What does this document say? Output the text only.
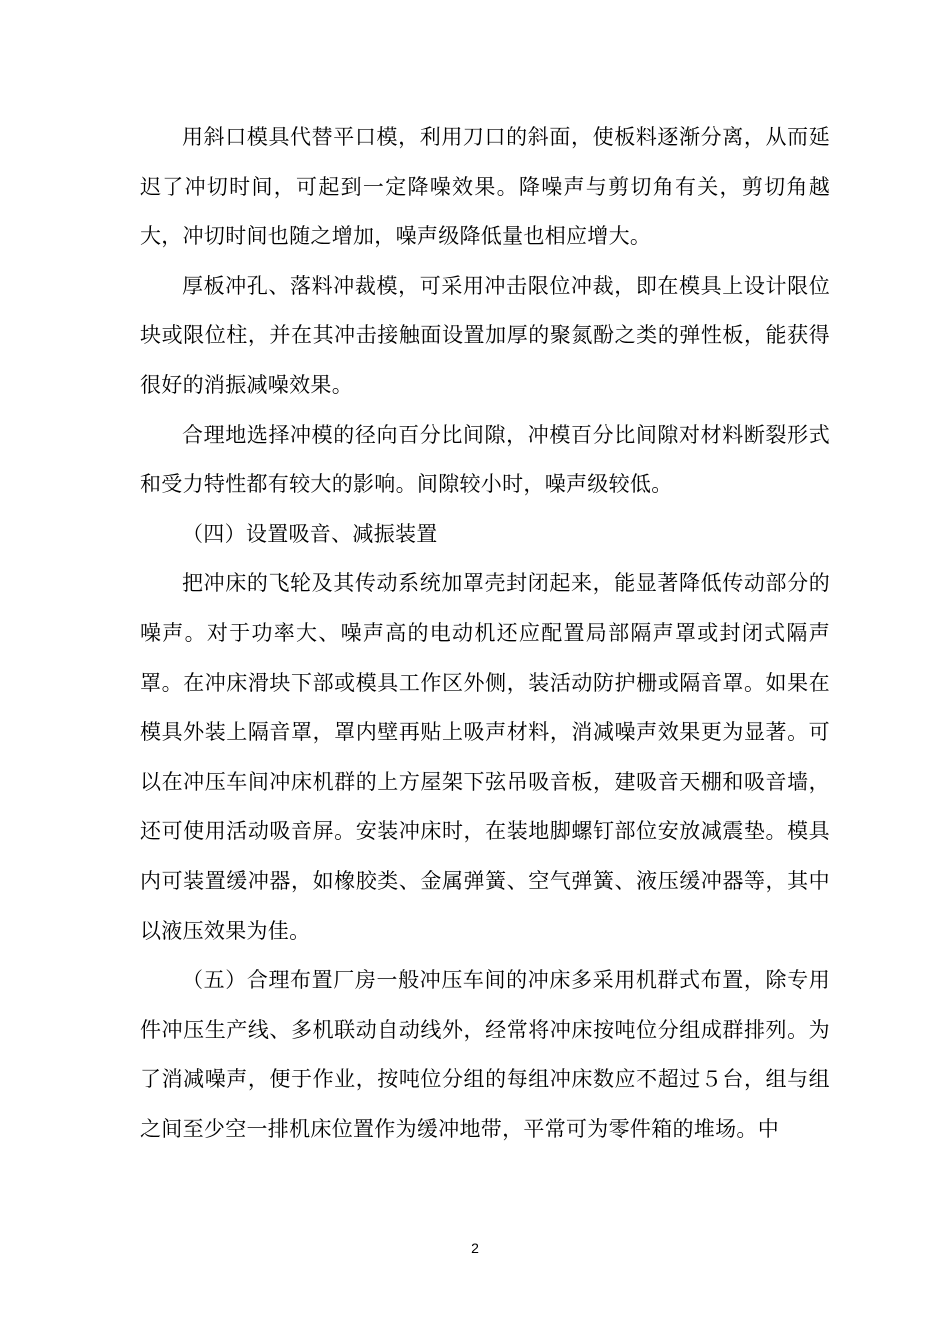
用斜口模具代替平口模，利用刀口的斜面，使板料逐渐分离，从而延迟了冲切时间，可起到一定降噪效果。降噪声与剪切角有关，剪切角越大，冲切时间也随之增加，噪声级降低量也相应增大。

厚板冲孔、落料冲裁模，可采用冲击限位冲裁，即在模具上设计限位块或限位柱，并在其冲击接触面设置加厚的聚氮酚之类的弹性板，能获得很好的消振减噪效果。

合理地选择冲模的径向百分比间隙，冲模百分比间隙对材料断裂形式和受力特性都有较大的影响。间隙较小时，噪声级较低。

（四）设置吸音、减振装置

把冲床的飞轮及其传动系统加罩壳封闭起来，能显著降低传动部分的噪声。对于功率大、噪声高的电动机还应配置局部隔声罩或封闭式隔声罩。在冲床滑块下部或模具工作区外侧，装活动防护栅或隔音罩。如果在模具外装上隔音罩，罩内壁再贴上吸声材料，消减噪声效果更为显著。可以在冲压车间冲床机群的上方屋架下弦吊吸音板，建吸音天棚和吸音墙，还可使用活动吸音屏。安装冲床时，在装地脚螺钉部位安放减震垫。模具内可装置缓冲器，如橡胶类、金属弹簧、空气弹簧、液压缓冲器等，其中以液压效果为佳。

（五）合理布置厂房一般冲压车间的冲床多采用机群式布置，除专用件冲压生产线、多机联动自动线外，经常将冲床按吨位分组成群排列。为了消减噪声，便于作业，按吨位分组的每组冲床数应不超过５台，组与组之间至少空一排机床位置作为缓冲地带，平常可为零件箱的堆场。中

2
